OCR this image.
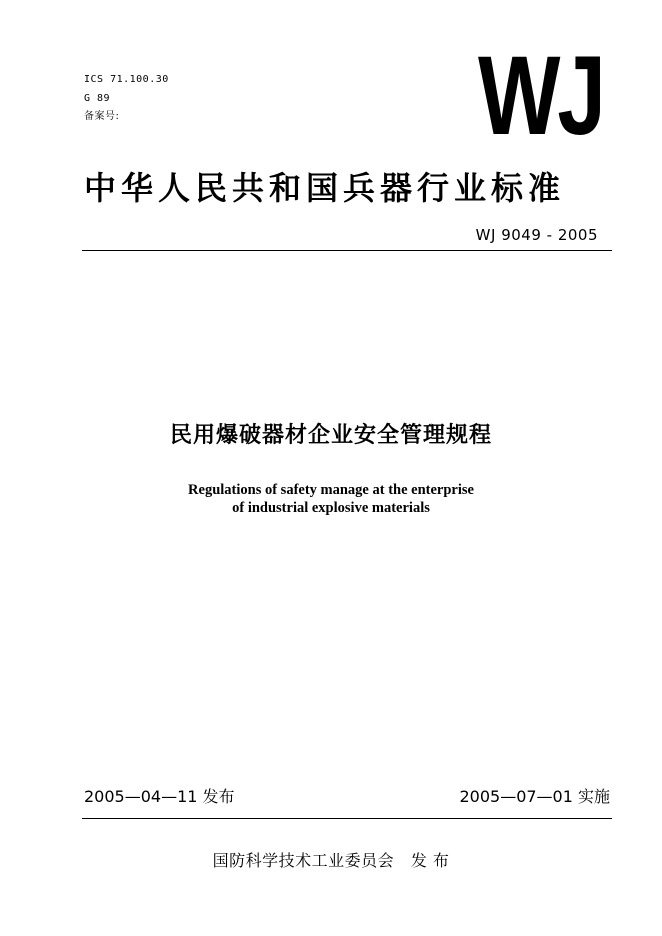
ICS 71.100.30
G 89
备案号:	WJ
中华人民共和国兵器行业标准
WJ 9049 - 2005
民用爆破器材企业安全管理规程
Regulations of safety manage at the enterprise
of industrial explosive materials
2005—04—11 发布	2005—07—01 实施
国防科学技术工业委员会   发 布
